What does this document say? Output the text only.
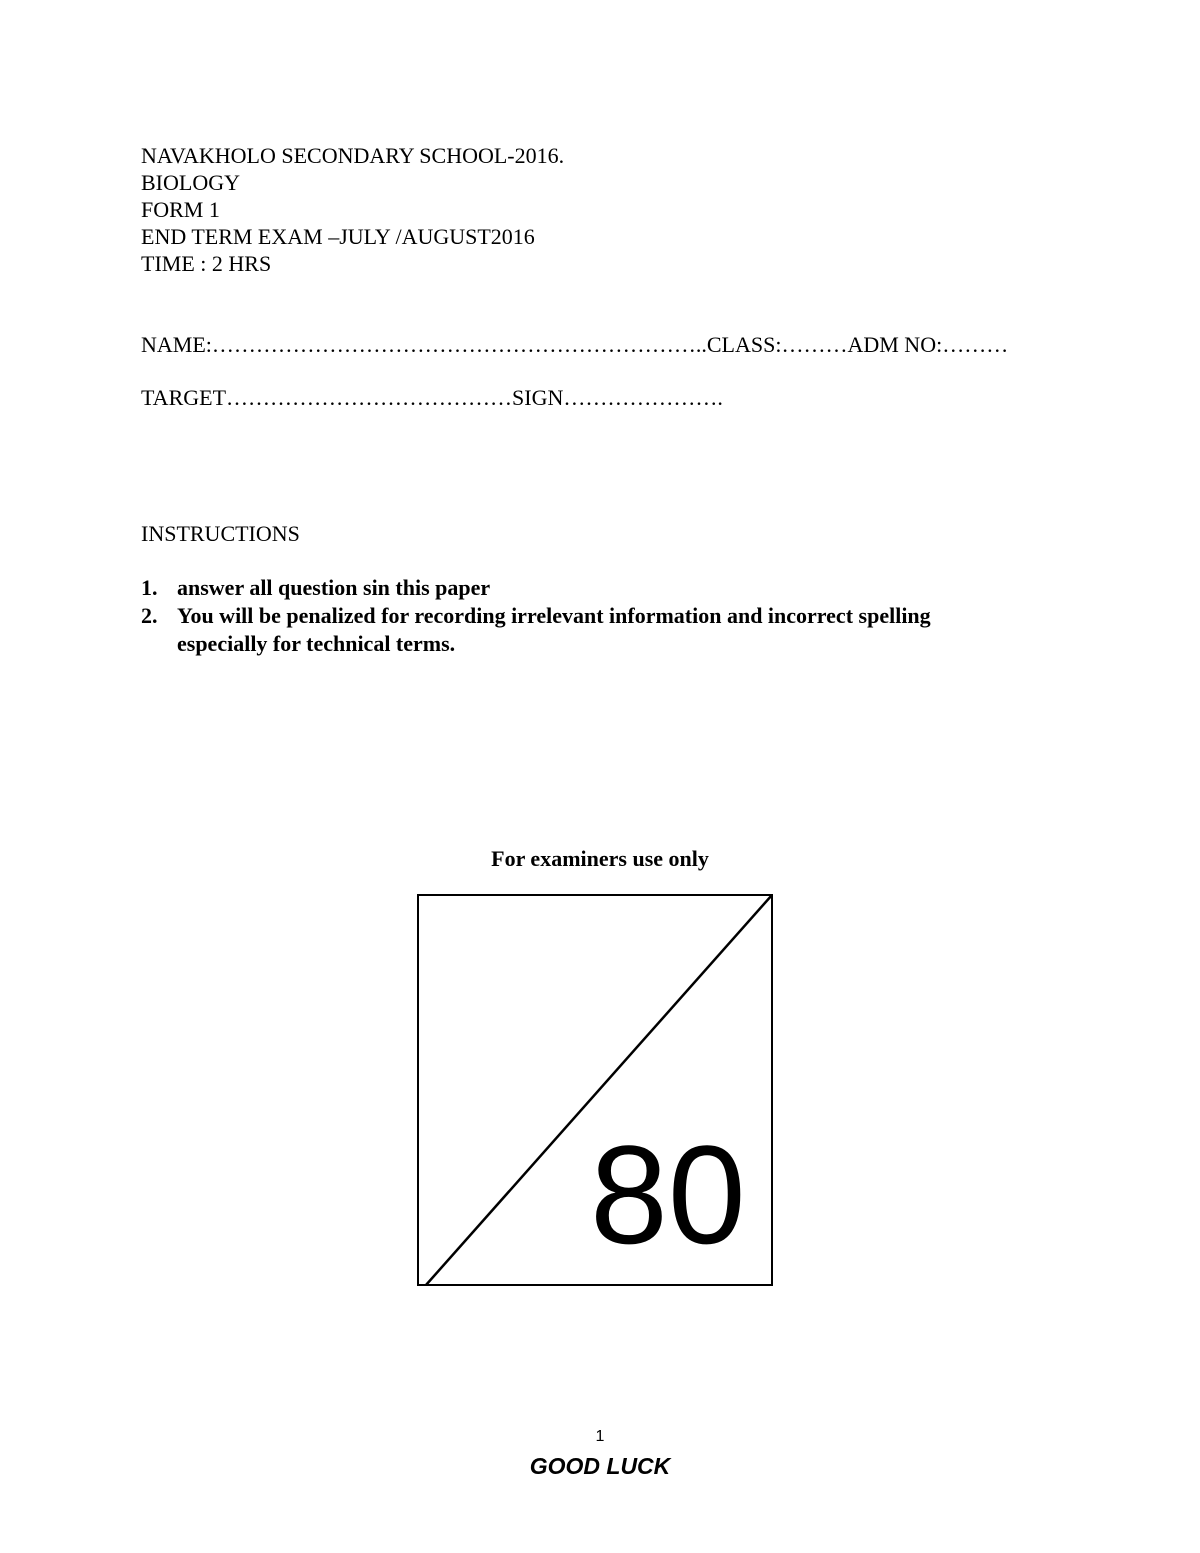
NAVAKHOLO SECONDARY SCHOOL-2016.
BIOLOGY
FORM 1
END TERM EXAM –JULY /AUGUST2016
TIME : 2 HRS
NAME:…………………………………………………………..CLASS:………ADM NO:………
TARGET…………………………………SIGN………………….
INSTRUCTIONS
1. answer all question sin this paper
2. You will be penalized for recording irrelevant information and incorrect spelling especially for technical terms.
For examiners use only
80
1
GOOD LUCK
